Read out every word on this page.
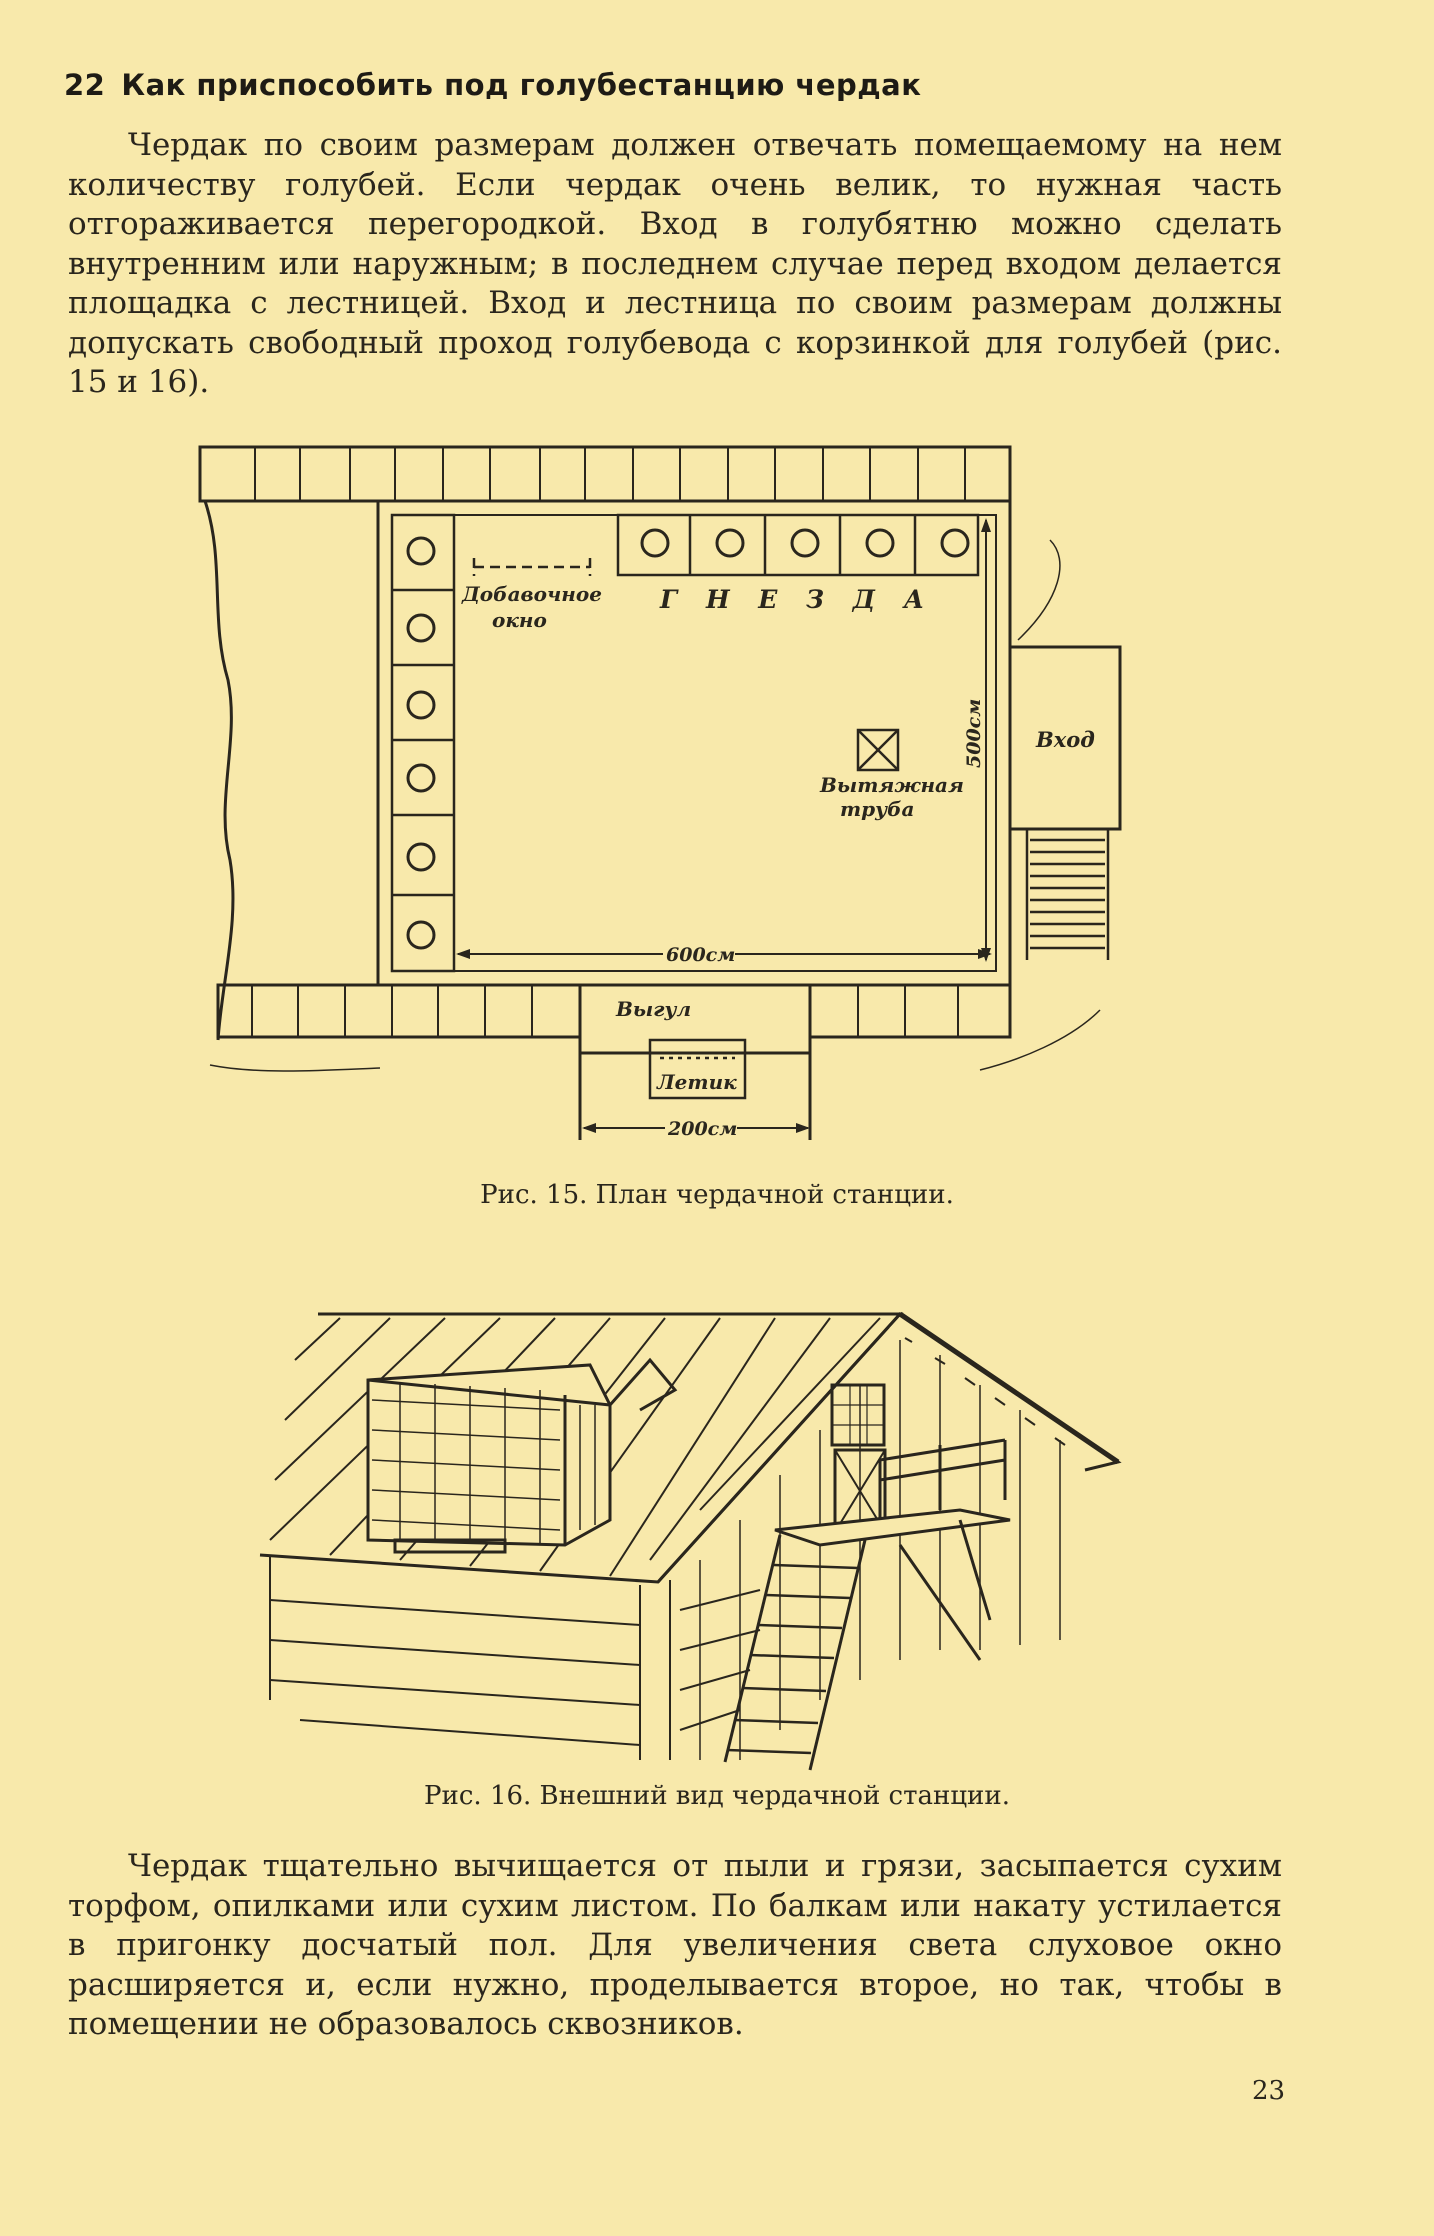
22 Как приспособить под голубестанцию чердак

Чердак по своим размерам должен отвечать помещаемому на нем количеству голубей. Если чердак очень велик, то нужная часть отгораживается перегородкой. Вход в голубятню можно сделать внутренним или наружным; в последнем случае перед входом делается площадка с лестницей. Вход и лестница по своим размерам должны допускать свободный проход голубевода с корзинкой для голубей (рис. 15 и 16).

Добавочное
окно
Г Н Е З Д А
Вытяжная
труба
500см Вход
600см
Выгул
Летик
200см
Рис. 15. План чердачной станции.
Рис. 16. Внешний вид чердачной станции.

Чердак тщательно вычищается от пыли и грязи, засыпается сухим торфом, опилками или сухим листом. По балкам или накату устилается в пригонку досчатый пол. Для увеличения света слуховое окно расширяется и, если нужно, проделывается второе, но так, чтобы в помещении не образовалось сквозников.

23
